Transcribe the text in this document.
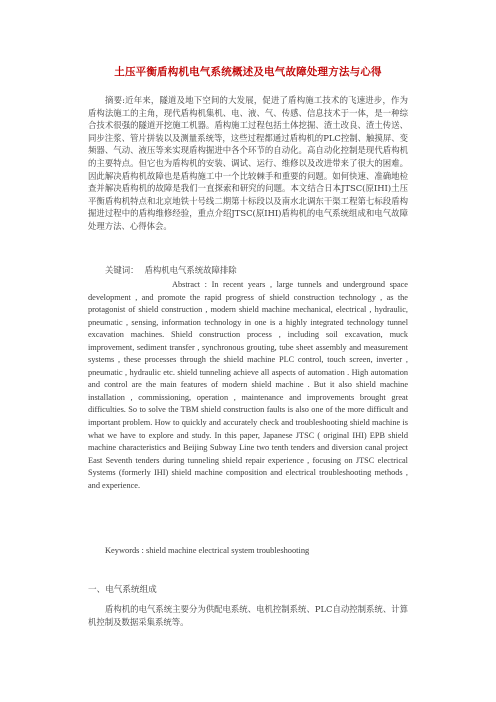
土压平衡盾构机电气系统概述及电气故障处理方法与心得
摘要:近年来，隧道及地下空间的大发展，促进了盾构施工技术的飞速进步，作为盾构法施工的主角，现代盾构机集机、电、液、气、传感、信息技术于一体，是一种综合技术很强的隧道开挖施工机器。盾构施工过程包括土体挖掘、渣土改良、渣土传送、同步注浆、管片拼装以及测量系统等，这些过程都通过盾构机的PLC控制、触摸屏、变频器、气动、液压等来实现盾构掘进中各个环节的自动化。高自动化控制是现代盾构机的主要特点。但它也为盾构机的安装、调试、运行、维修以及改进带来了很大的困难。因此解决盾构机故障也是盾构施工中一个比较棘手和重要的问题。如何快速、准确地检查并解决盾构机的故障是我们一直探索和研究的问题。本文结合日本JTSC(原IHI)土压平衡盾构机特点和北京地铁十号线二期第十标段以及南水北调东干渠工程第七标段盾构掘进过程中的盾构维修经验，重点介绍JTSC(原IHI)盾构机的电气系统组成和电气故障处理方法、心得体会。
关键词： 盾构机电气系统故障排除
Abstract : In recent years , large tunnels and underground space development , and promote the rapid progress of shield construction technology , as the protagonist of shield construction , modern shield machine mechanical, electrical , hydraulic, pneumatic , sensing, information technology in one is a highly integrated technology tunnel excavation machines. Shield construction process , including soil excavation, muck improvement, sediment transfer , synchronous grouting, tube sheet assembly and measurement systems , these processes through the shield machine PLC control, touch screen, inverter , pneumatic , hydraulic etc. shield tunneling achieve all aspects of automation . High automation and control are the main features of modern shield machine . But it also shield machine installation , commissioning, operation , maintenance and improvements brought great difficulties. So to solve the TBM shield construction faults is also one of the more difficult and important problem. How to quickly and accurately check and troubleshooting shield machine is what we have to explore and study. In this paper, Japanese JTSC ( original IHI) EPB shield machine characteristics and Beijing Subway Line two tenth tenders and diversion canal project East Seventh tenders during tunneling shield repair experience , focusing on JTSC electrical Systems (formerly IHI) shield machine composition and electrical troubleshooting methods , and experience.
Keywords : shield machine electrical system troubleshooting
一、电气系统组成
盾构机的电气系统主要分为供配电系统、电机控制系统、PLC自动控制系统、计算机控制及数据采集系统等。
